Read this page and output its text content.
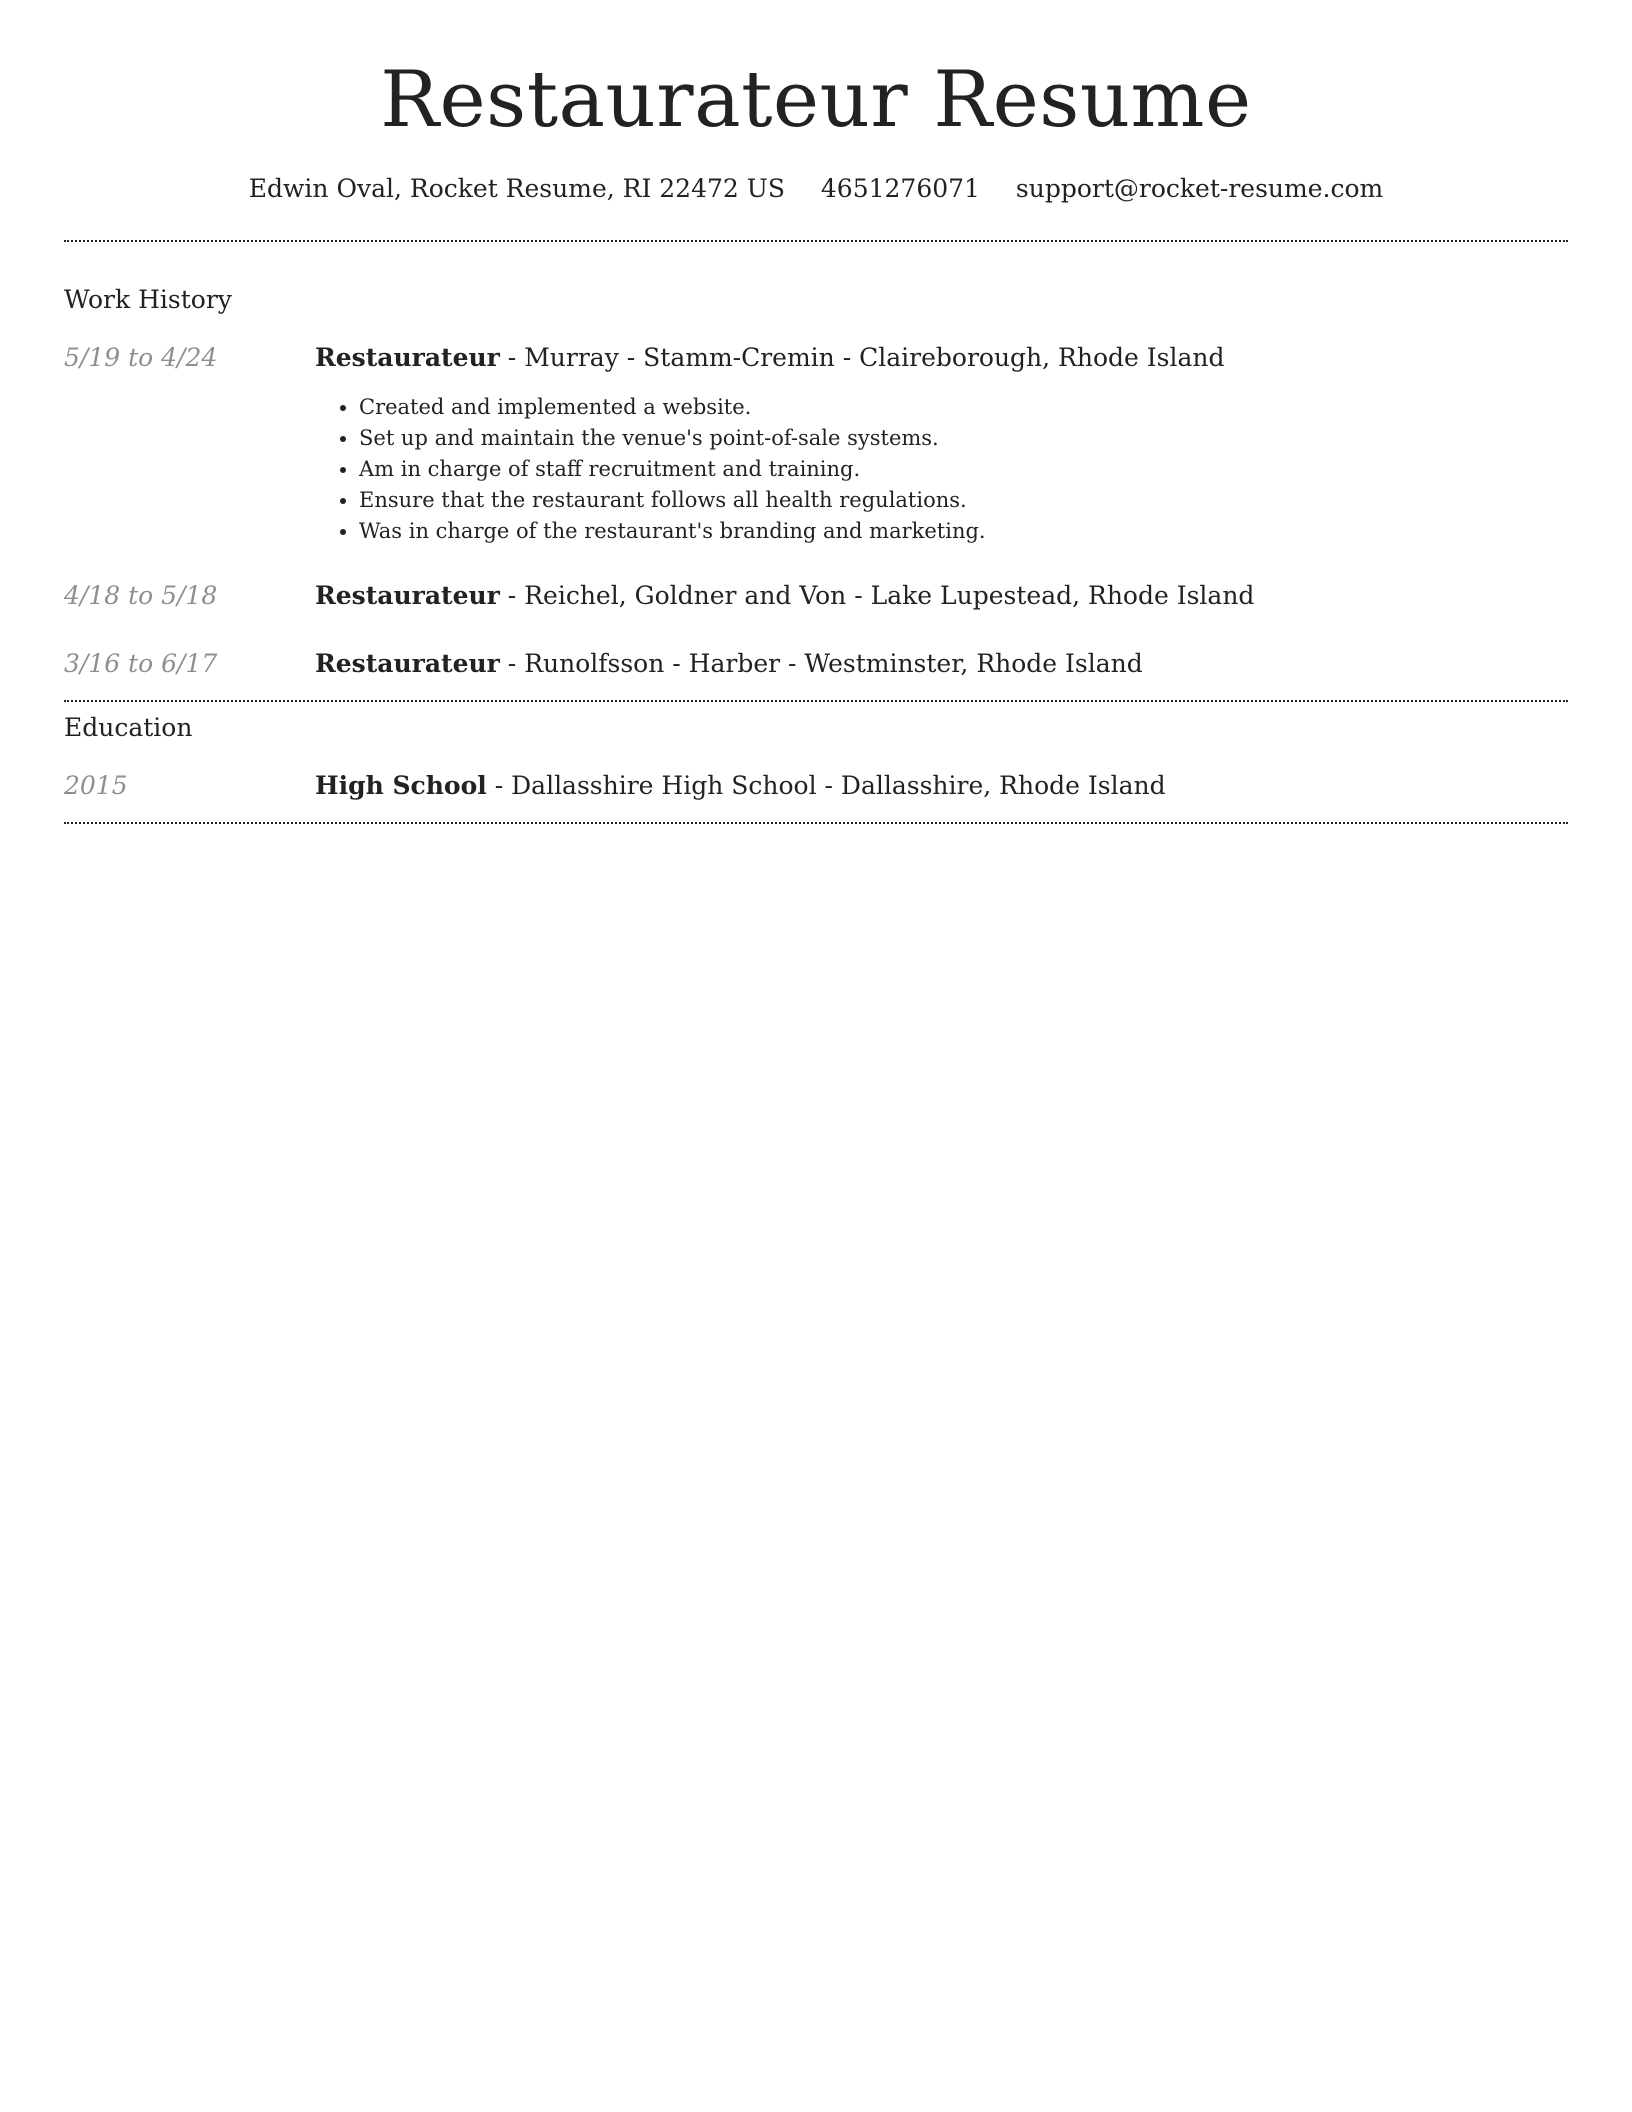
Restaurateur Resume
Edwin Oval, Rocket Resume, RI 22472 US 4651276071 support@rocket-resume.com
Work History
5/19 to 4/24	Restaurateur - Murray - Stamm-Cremin - Claireborough, Rhode Island
• Created and implemented a website.
• Set up and maintain the venue's point-of-sale systems.
• Am in charge of staff recruitment and training.
• Ensure that the restaurant follows all health regulations.
• Was in charge of the restaurant's branding and marketing.
4/18 to 5/18	Restaurateur - Reichel, Goldner and Von - Lake Lupestead, Rhode Island
3/16 to 6/17	Restaurateur - Runolfsson - Harber - Westminster, Rhode Island
Education
2015	High School - Dallasshire High School - Dallasshire, Rhode Island
